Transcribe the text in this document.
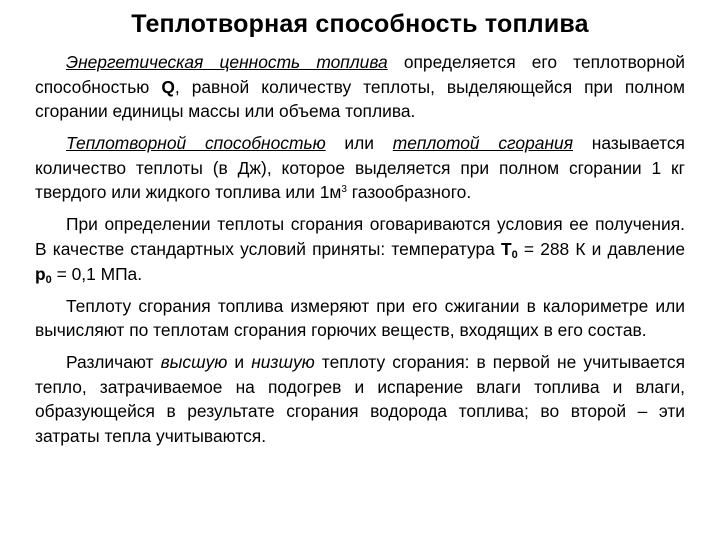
Теплотворная способность топлива

Энергетическая ценность топлива определяется его теплотворной способностью Q, равной количеству теплоты, выделяющейся при полном сгорании единицы массы или объема топлива.

Теплотворной способностью или теплотой сгорания называется количество теплоты (в Дж), которое выделяется при полном сгорании 1 кг твердого или жидкого топлива или $1м^3$ газообразного.

При определении теплоты сгорания оговариваются условия ее получения. В качестве стандартных условий приняты: температура $T_0 = 288$ К и давление $p_0 = 0,1$ МПа.

Теплоту сгорания топлива измеряют при его сжигании в калориметре или вычисляют по теплотам сгорания горючих веществ, входящих в его состав.

Различают высшую и низшую теплоту сгорания: в первой не учитывается тепло, затрачиваемое на подогрев и испарение влаги топлива и влаги, образующейся в результате сгорания водорода топлива; во второй – эти затраты тепла учитываются.
